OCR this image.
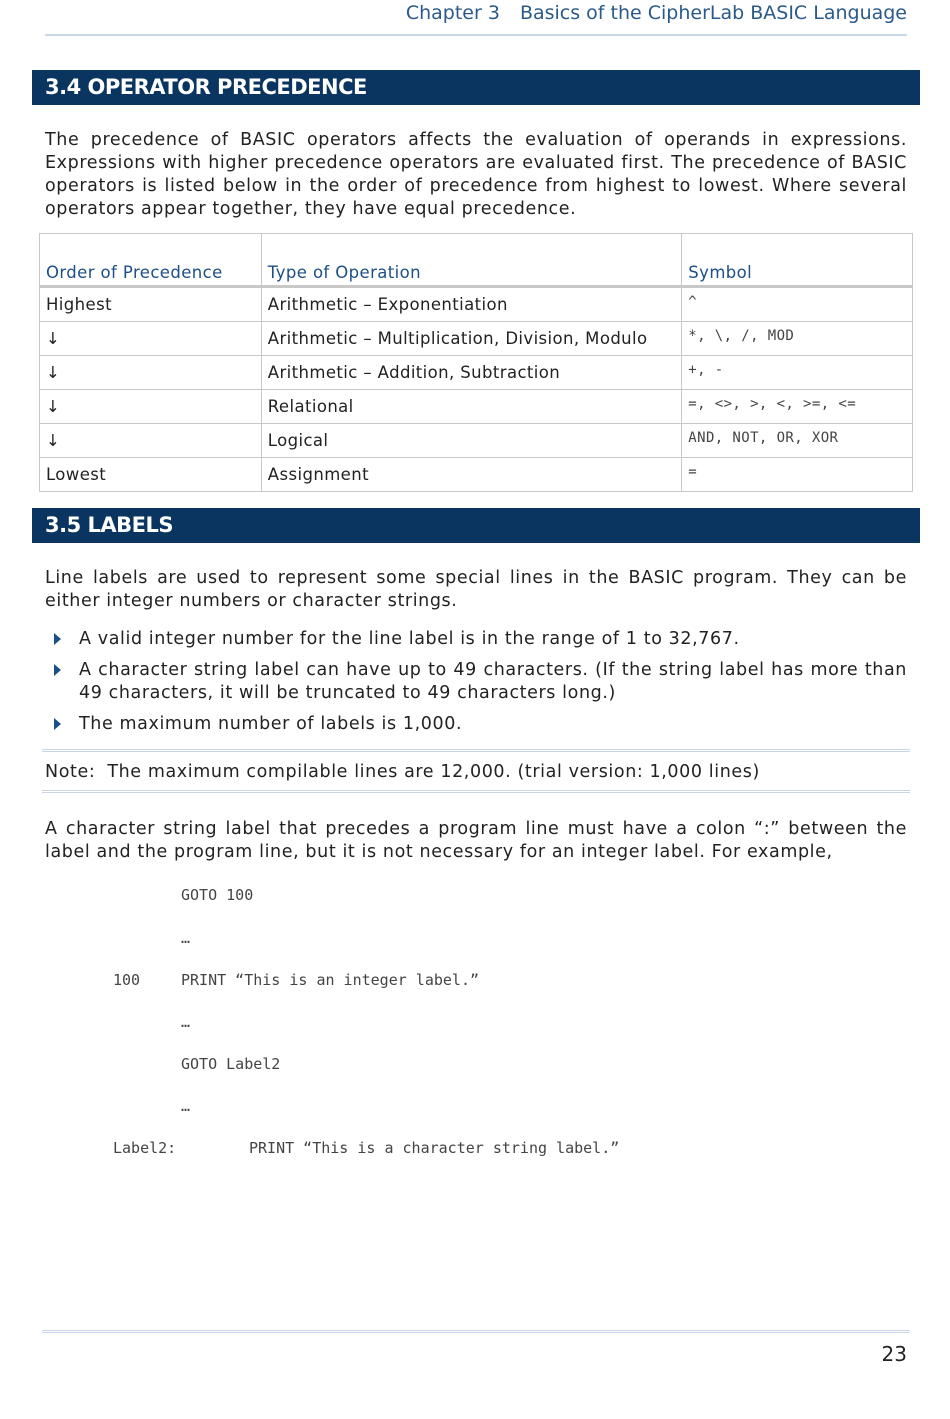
Chapter 3 Basics of the CipherLab BASIC Language
3.4 OPERATOR PRECEDENCE

The precedence of BASIC operators affects the evaluation of operands in expressions. Expressions with higher precedence operators are evaluated first. The precedence of BASIC operators is listed below in the order of precedence from highest to lowest. Where several operators appear together, they have equal precedence.

Order of Precedence	Type of Operation	Symbol
Highest	Arithmetic – Exponentiation	^
↓	Arithmetic – Multiplication, Division, Modulo	*, \, /, MOD
↓	Arithmetic – Addition, Subtraction	+, -
↓	Relational	=, <>, >, <, >=, <=
↓	Logical	AND, NOT, OR, XOR
Lowest	Assignment	=
3.5 LABELS

Line labels are used to represent some special lines in the BASIC program. They can be either integer numbers or character strings.

A valid integer number for the line label is in the range of 1 to 32,767.
A character string label can have up to 49 characters. (If the string label has more than 49 characters, it will be truncated to 49 characters long.)
The maximum number of labels is 1,000.
Note: The maximum compilable lines are 12,000. (trial version: 1,000 lines)

A character string label that precedes a program line must have a colon “:” between the label and the program line, but it is not necessary for an integer label. For example,

GOTO 100
…
100	PRINT “This is an integer label.”
…
GOTO Label2
…
Label2:	PRINT “This is a character string label.”
23
